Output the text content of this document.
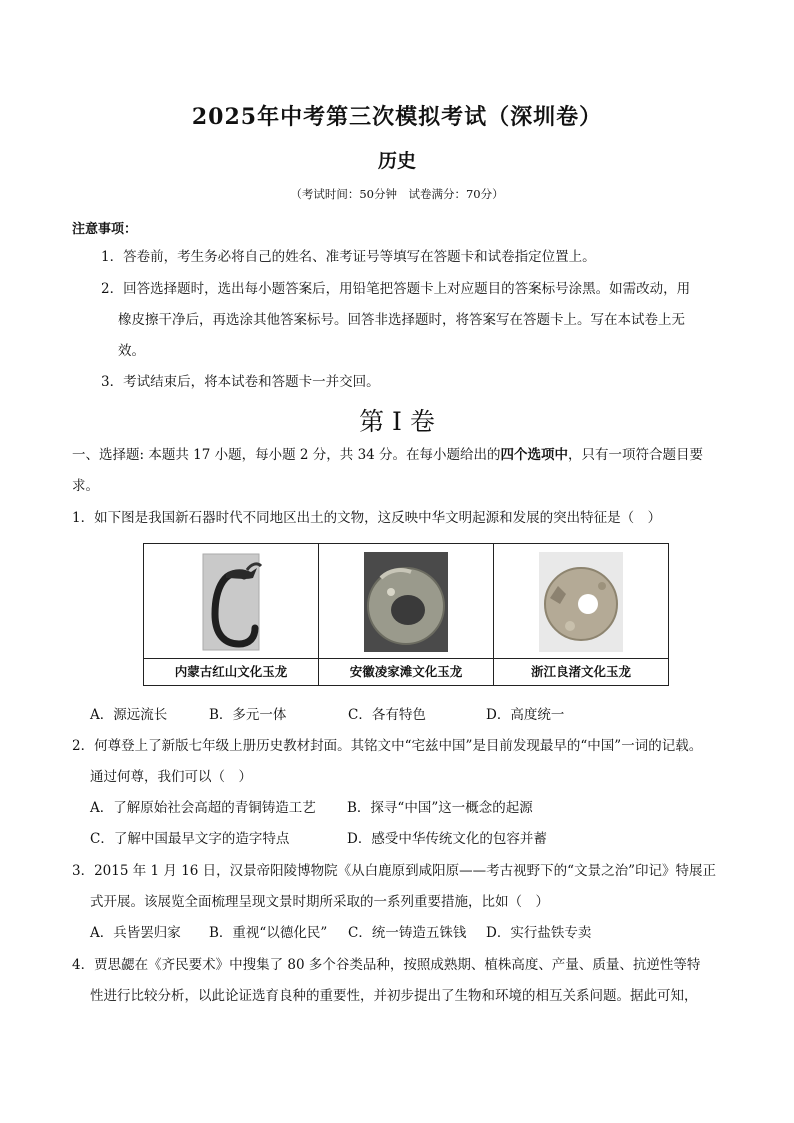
2025年中考第三次模拟考试（深圳卷）
历史
（考试时间：50分钟　试卷满分：70分）
注意事项：
1．答卷前，考生务必将自己的姓名、准考证号等填写在答题卡和试卷指定位置上。
2．回答选择题时，选出每小题答案后，用铅笔把答题卡上对应题目的答案标号涂黑。如需改动，用
橡皮擦干净后，再选涂其他答案标号。回答非选择题时，将答案写在答题卡上。写在本试卷上无
效。
3．考试结束后，将本试卷和答题卡一并交回。
第 I 卷
一、选择题: 本题共 17 小题，每小题 2 分，共 34 分。在每小题给出的四个选项中，只有一项符合题目要
求。
1．如下图是我国新石器时代不同地区出土的文物，这反映中华文明起源和发展的突出特征是（　）
内蒙古红山文化玉龙	安徽凌家滩文化玉龙	浙江良渚文化玉龙
A．源远流长	B．多元一体	C．各有特色	D．高度统一
2．何尊登上了新版七年级上册历史教材封面。其铭文中“宅兹中国”是目前发现最早的“中国”一词的记载。
通过何尊，我们可以（　）
A．了解原始社会高超的青铜铸造工艺 B．探寻“中国”这一概念的起源
C．了解中国最早文字的造字特点	D．感受中华传统文化的包容并蓄
3．2015 年 1 月 16 日，汉景帝阳陵博物院《从白鹿原到咸阳原——考古视野下的“文景之治”印记》特展正
式开展。该展览全面梳理呈现文景时期所采取的一系列重要措施，比如（　）
A．兵皆罢归家 B．重视“以德化民” C．统一铸造五铢钱 D．实行盐铁专卖
4．贾思勰在《齐民要术》中搜集了 80 多个谷类品种，按照成熟期、植株高度、产量、质量、抗逆性等特
性进行比较分析，以此论证选育良种的重要性，并初步提出了生物和环境的相互关系问题。据此可知，
